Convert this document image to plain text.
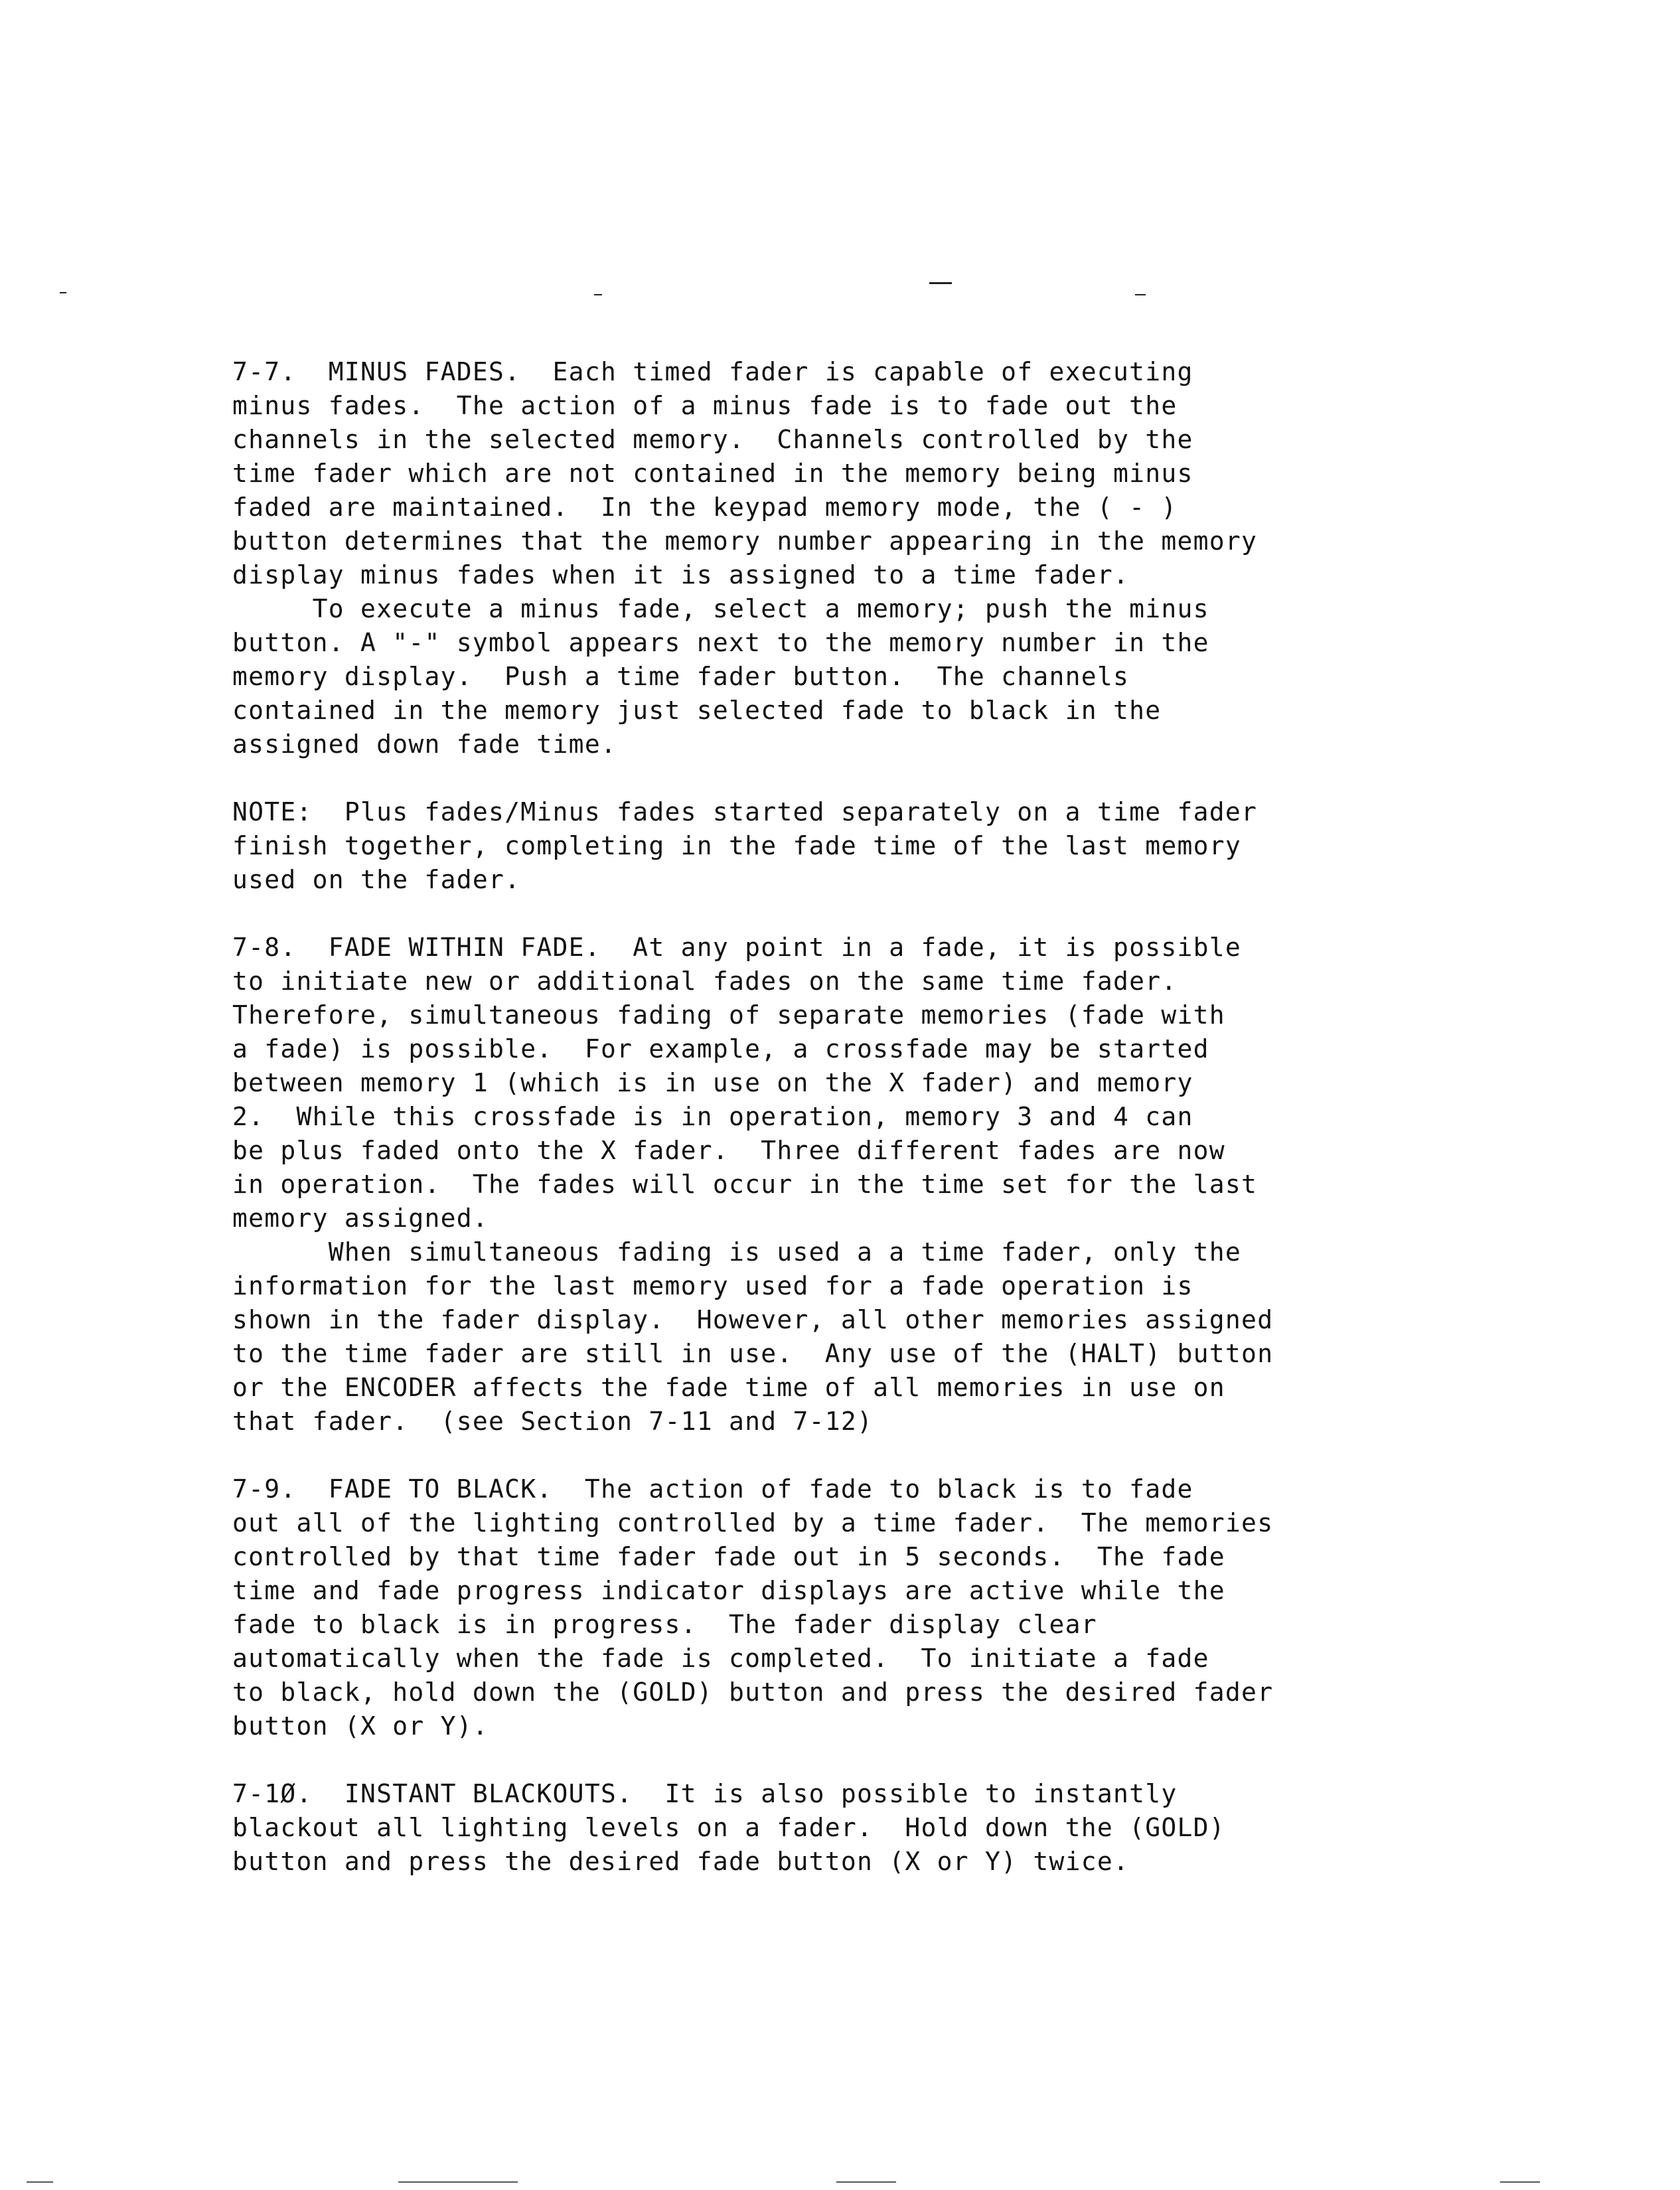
7-7.  MINUS FADES.  Each timed fader is capable of executing
minus fades.  The action of a minus fade is to fade out the
channels in the selected memory.  Channels controlled by the
time fader which are not contained in the memory being minus
faded are maintained.  In the keypad memory mode, the ( - )
button determines that the memory number appearing in the memory
display minus fades when it is assigned to a time fader.
To execute a minus fade, select a memory; push the minus
button. A "-" symbol appears next to the memory number in the
memory display.  Push a time fader button.  The channels
contained in the memory just selected fade to black in the
assigned down fade time.
NOTE:  Plus fades/Minus fades started separately on a time fader
finish together, completing in the fade time of the last memory
used on the fader.
7-8.  FADE WITHIN FADE.  At any point in a fade, it is possible
to initiate new or additional fades on the same time fader.
Therefore, simultaneous fading of separate memories (fade with
a fade) is possible.  For example, a crossfade may be started
between memory 1 (which is in use on the X fader) and memory
2.  While this crossfade is in operation, memory 3 and 4 can
be plus faded onto the X fader.  Three different fades are now
in operation.  The fades will occur in the time set for the last
memory assigned.
When simultaneous fading is used a a time fader, only the
information for the last memory used for a fade operation is
shown in the fader display.  However, all other memories assigned
to the time fader are still in use.  Any use of the (HALT) button
or the ENCODER affects the fade time of all memories in use on
that fader.  (see Section 7-11 and 7-12)
7-9.  FADE TO BLACK.  The action of fade to black is to fade
out all of the lighting controlled by a time fader.  The memories
controlled by that time fader fade out in 5 seconds.  The fade
time and fade progress indicator displays are active while the
fade to black is in progress.  The fader display clear
automatically when the fade is completed.  To initiate a fade
to black, hold down the (GOLD) button and press the desired fader
button (X or Y).
7-1Ø.  INSTANT BLACKOUTS.  It is also possible to instantly
blackout all lighting levels on a fader.  Hold down the (GOLD)
button and press the desired fade button (X or Y) twice.
